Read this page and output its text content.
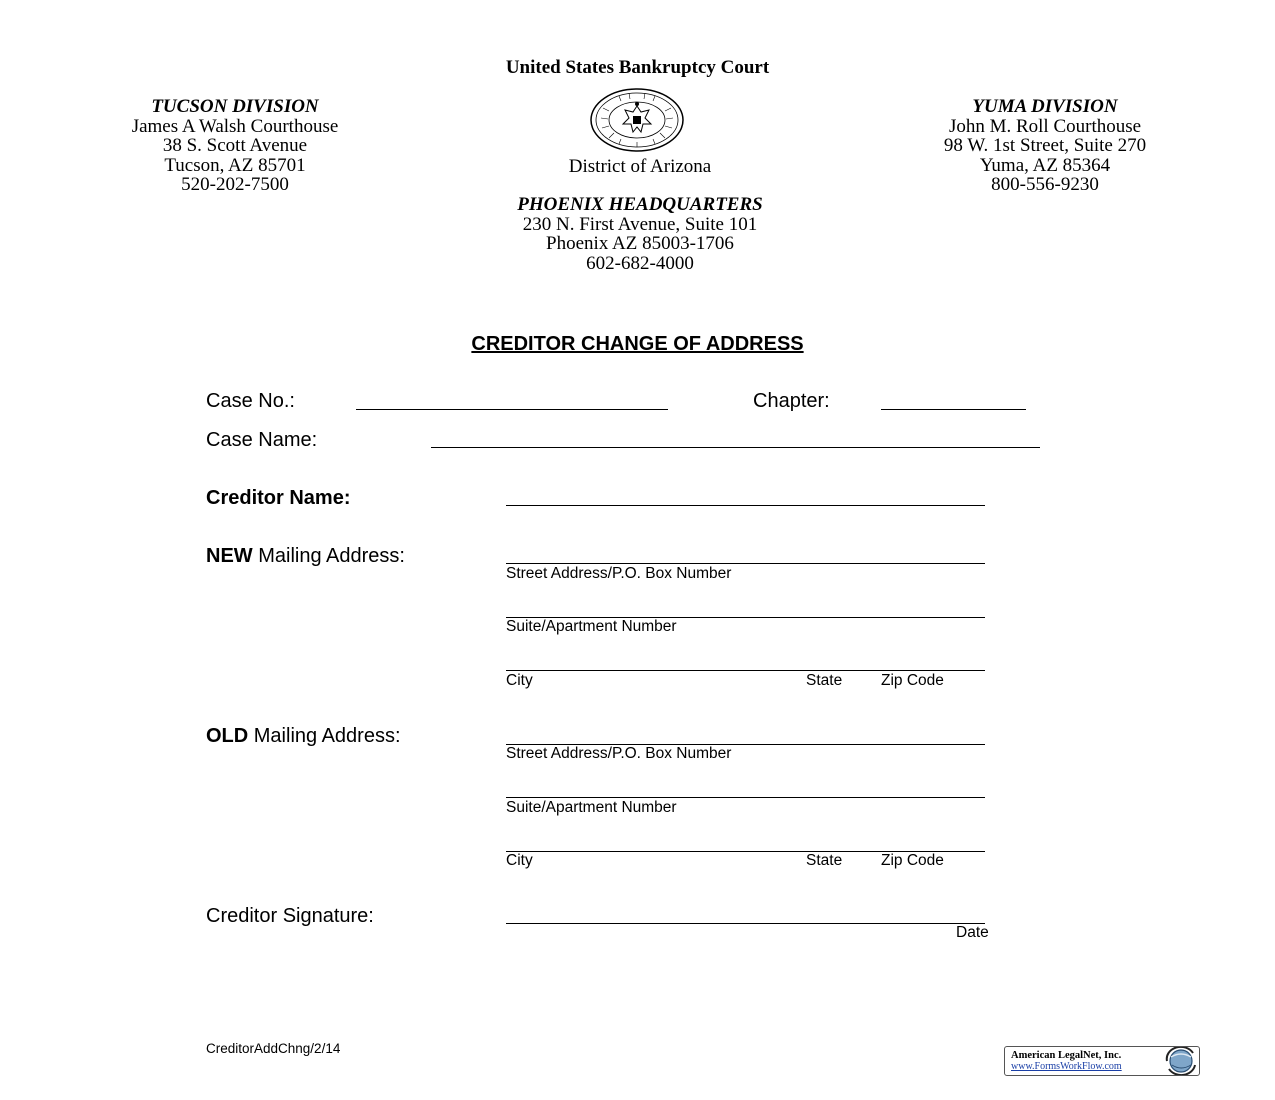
United States Bankruptcy Court
TUCSON DIVISION
James A Walsh Courthouse
38 S. Scott Avenue
Tucson, AZ 85701
520-202-7500
District of Arizona
YUMA DIVISION
John M. Roll Courthouse
98 W. 1st Street, Suite 270
Yuma, AZ 85364
800-556-9230
PHOENIX HEADQUARTERS
230 N. First Avenue, Suite 101
Phoenix AZ 85003-1706
602-682-4000
CREDITOR CHANGE OF ADDRESS
Case No.:	Chapter:
Case Name:
Creditor Name:
NEW Mailing Address:
Street Address/P.O. Box Number
Suite/Apartment Number
City	State	Zip Code
OLD Mailing Address:
Street Address/P.O. Box Number
Suite/Apartment Number
City	State	Zip Code
Creditor Signature:
Date
CreditorAddChng/2/14	American LegalNet, Inc.
www.FormsWorkFlow.com
